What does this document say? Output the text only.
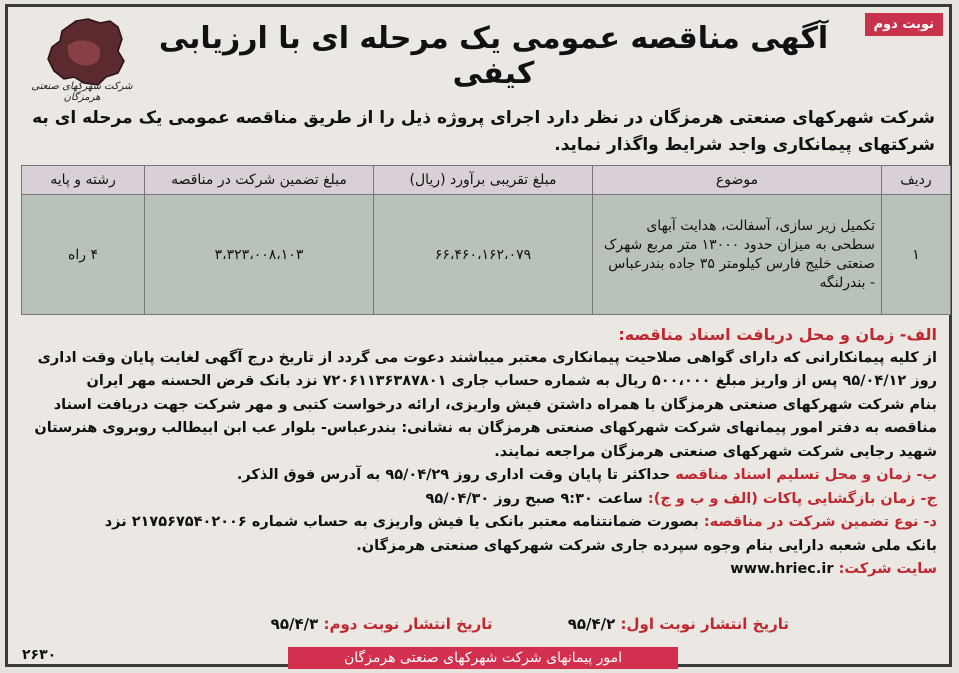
نوبت دوم
شرکت شهرکهای صنعتی هرمزگان
آگهی مناقصه عمومی یک مرحله ای با ارزیابی کیفی
شرکت شهرکهای صنعتی هرمزگان در نظر دارد اجرای پروژه ذیل را از طریق مناقصه عمومی یک مرحله ای به شرکتهای پیمانکاری واجد شرایط واگذار نماید.
ردیف	موضوع	مبلغ تقریبی برآورد (ریال)	مبلغ تضمین شرکت در مناقصه	رشته و پایه
۱	تکمیل زیر سازی، آسفالت، هدایت آبهای سطحی به میزان حدود ۱۳۰۰۰ متر مربع شهرک صنعتی خلیج فارس کیلومتر ۳۵ جاده بندرعباس - بندرلنگه	۶۶،۴۶۰،۱۶۲،۰۷۹	۳،۳۲۳،۰۰۸،۱۰۳	۴ راه
الف- زمان و محل دریافت اسناد مناقصه:
از کلیه پیمانکارانی که دارای گواهی صلاحیت پیمانکاری معتبر میباشند دعوت می گردد از تاریخ درج آگهی لغایت پایان وقت اداری
روز ۹۵/۰۴/۱۲ پس از واریز مبلغ ۵۰۰،۰۰۰ ریال به شماره حساب جاری ۷۲۰۶۱۱۳۶۳۸۷۸۰۱ نزد بانک قرض الحسنه مهر ایران
بنام شرکت شهرکهای صنعتی هرمزگان با همراه داشتن فیش واریزی، ارائه درخواست کتبی و مهر شرکت جهت دریافت اسناد
مناقصه به دفتر امور پیمانهای شرکت شهرکهای صنعتی هرمزگان به نشانی: بندرعباس- بلوار عب ابن ابیطالب روبروی هنرستان
شهید رجایی شرکت شهرکهای صنعتی هرمزگان مراجعه نمایند.
ب- زمان و محل تسلیم اسناد مناقصه حداکثر تا پایان وقت اداری روز ۹۵/۰۴/۲۹ به آدرس فوق الذکر.
ج- زمان بازگشایی پاکات (الف و ب و ج): ساعت ۹:۳۰ صبح روز ۹۵/۰۴/۳۰
د- نوع تضمین شرکت در مناقصه: بصورت ضمانتنامه معتبر بانکی یا فیش واریزی به حساب شماره ۲۱۷۵۶۷۵۴۰۲۰۰۶ نزد
بانک ملی شعبه دارایی بنام وجوه سپرده جاری شرکت شهرکهای صنعتی هرمزگان.
سایت شرکت: www.hriec.ir
تاریخ انتشار نوبت اول: ۹۵/۴/۲ تاریخ انتشار نوبت دوم: ۹۵/۴/۳
امور پیمانهای شرکت شهرکهای صنعتی هرمزگان
۲۶۳۰
